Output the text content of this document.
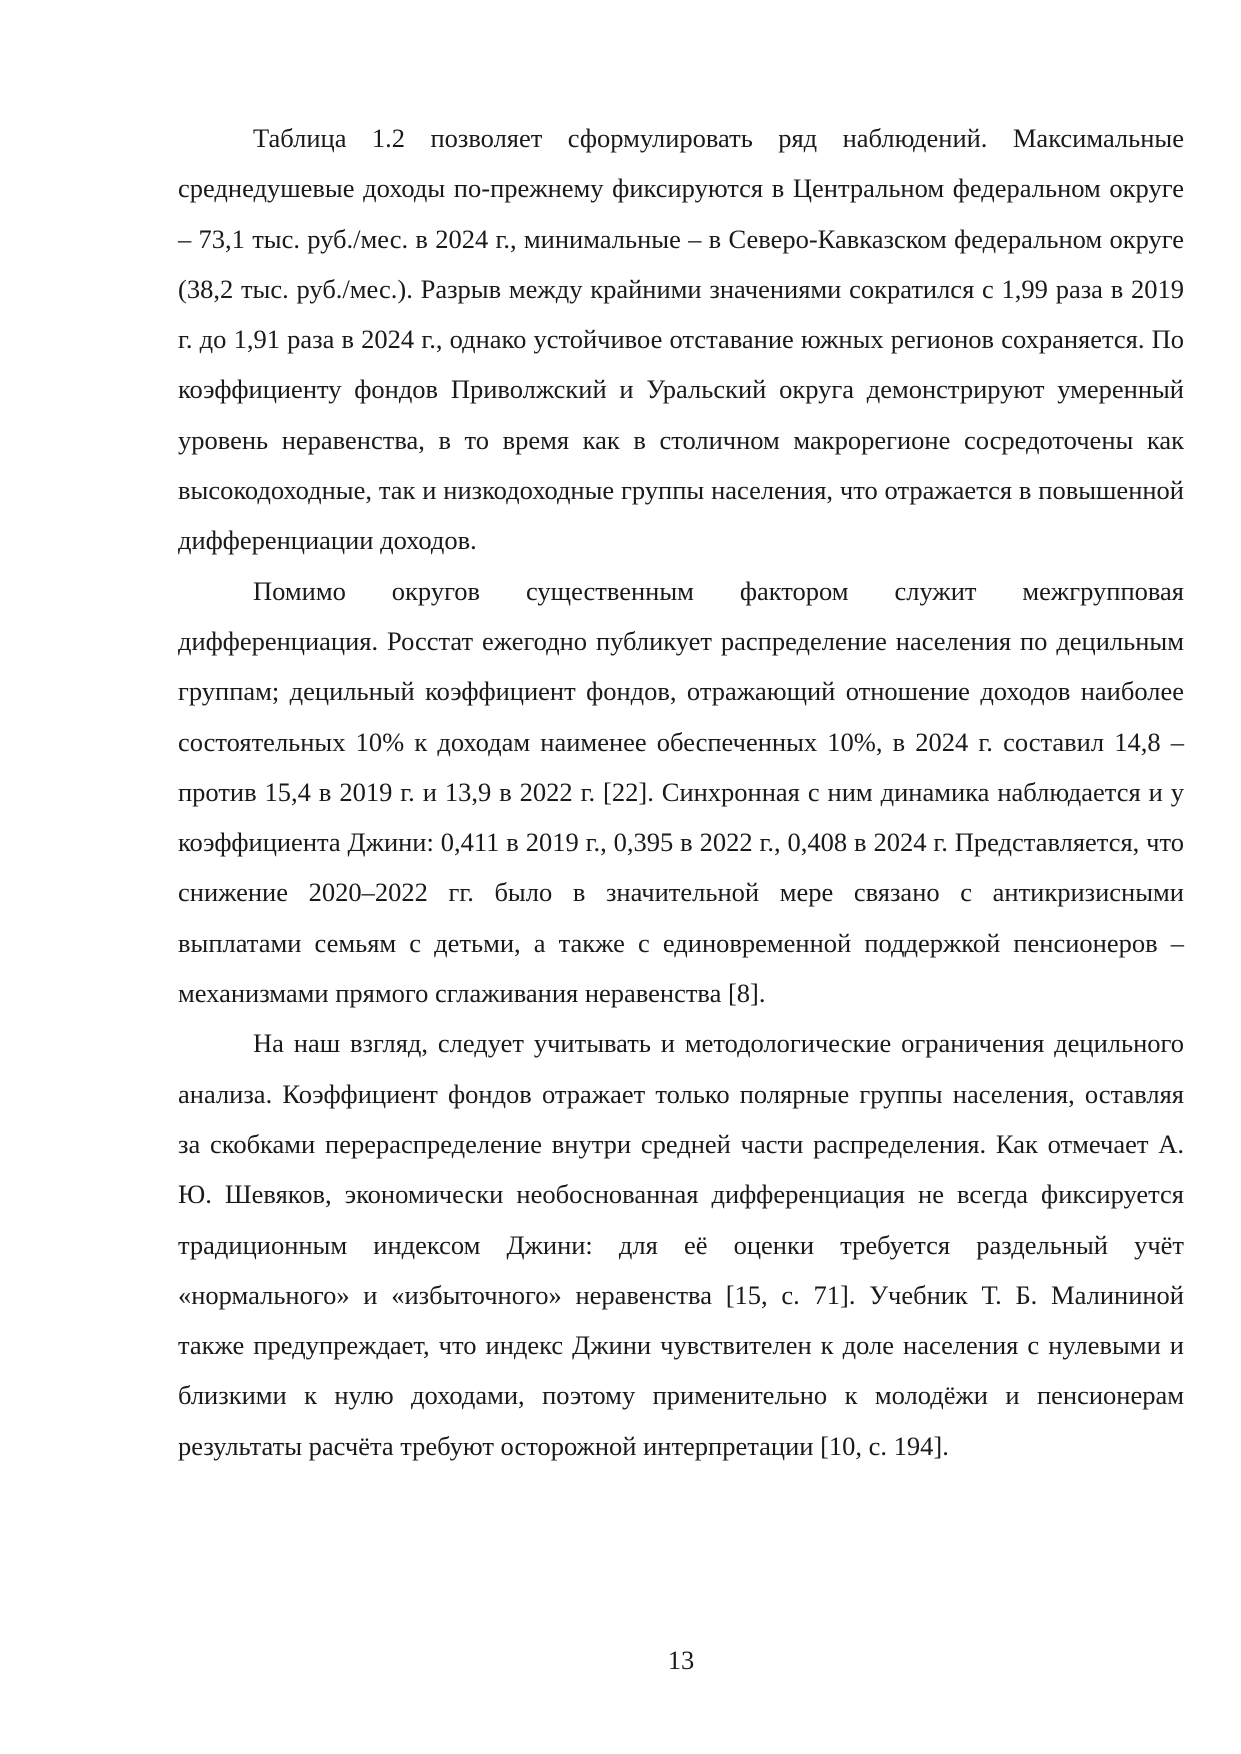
Таблица 1.2 позволяет сформулировать ряд наблюдений. Максимальные среднедушевые доходы по-прежнему фиксируются в Центральном федеральном округе – 73,1 тыс. руб./мес. в 2024 г., минимальные – в Северо-Кавказском федеральном округе (38,2 тыс. руб./мес.). Разрыв между крайними значениями сократился с 1,99 раза в 2019 г. до 1,91 раза в 2024 г., однако устойчивое отставание южных регионов сохраняется. По коэффициенту фондов Приволжский и Уральский округа демонстрируют умеренный уровень неравенства, в то время как в столичном макрорегионе сосредоточены как высокодоходные, так и низкодоходные группы населения, что отражается в повышенной дифференциации доходов.

Помимо округов существенным фактором служит межгрупповая дифференциация. Росстат ежегодно публикует распределение населения по децильным группам; децильный коэффициент фондов, отражающий отношение доходов наиболее состоятельных 10% к доходам наименее обеспеченных 10%, в 2024 г. составил 14,8 – против 15,4 в 2019 г. и 13,9 в 2022 г. [22]. Синхронная с ним динамика наблюдается и у коэффициента Джини: 0,411 в 2019 г., 0,395 в 2022 г., 0,408 в 2024 г. Представляется, что снижение 2020–2022 гг. было в значительной мере связано с антикризисными выплатами семьям с детьми, а также с единовременной поддержкой пенсионеров – механизмами прямого сглаживания неравенства [8].

На наш взгляд, следует учитывать и методологические ограничения децильного анализа. Коэффициент фондов отражает только полярные группы населения, оставляя за скобками перераспределение внутри средней части распределения. Как отмечает А. Ю. Шевяков, экономически необоснованная дифференциация не всегда фиксируется традиционным индексом Джини: для её оценки требуется раздельный учёт «нормального» и «избыточного» неравенства [15, с. 71]. Учебник Т. Б. Малининой также предупреждает, что индекс Джини чувствителен к доле населения с нулевыми и близкими к нулю доходами, поэтому применительно к молодёжи и пенсионерам результаты расчёта требуют осторожной интерпретации [10, с. 194].

13
